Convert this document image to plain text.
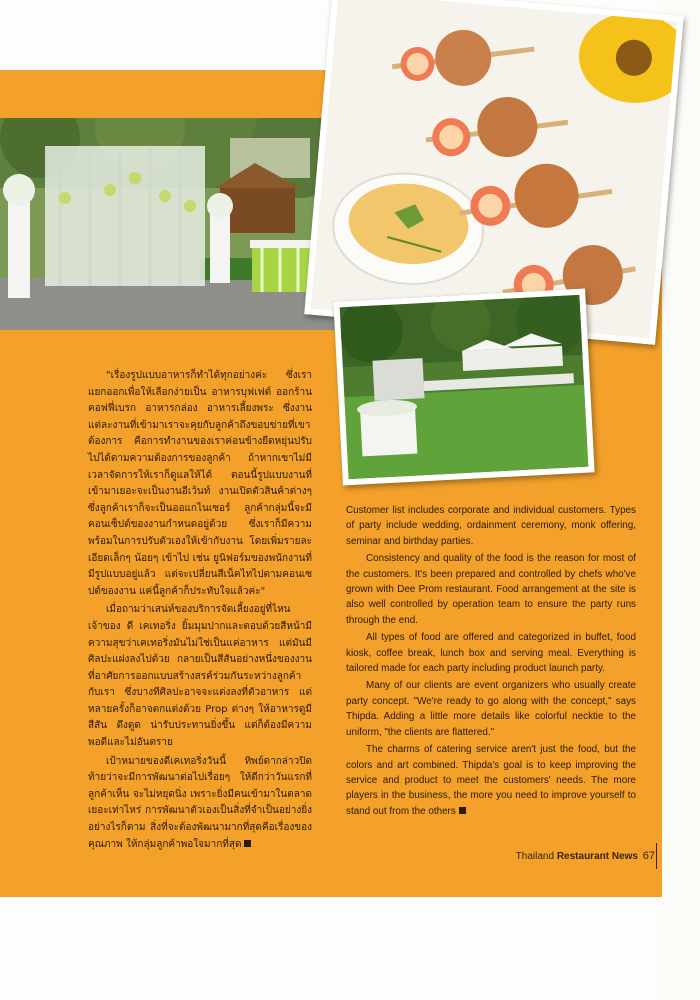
"เรื่องรูปแบบอาหารก็ทำได้ทุกอย่างค่ะ ซึ่งเราแยกออกเพื่อให้เลือกง่ายเป็น อาหารบุฟเฟต์ ออกร้าน คอฟฟี่เบรก อาหารกล่อง อาหารเลี้ยงพระ ซึ่งงานแต่ละงานที่เข้ามาเราจะคุยกับลูกค้าถึงขอบข่ายที่เขาต้องการ คือการทำงานของเราค่อนข้างยืดหยุ่นปรับไปได้ตามความต้องการของลูกค้า ถ้าหากเขาไม่มีเวลาจัดการให้เราก็ดูแลให้ได้ ตอนนี้รูปแบบงานที่เข้ามาเยอะจะเป็นงานอีเว้นท์ งานเปิดตัวสินค้าต่างๆ ซึ่งลูกค้าเราก็จะเป็นออแกไนเซอร์ ลูกค้ากลุ่มนี้จะมีคอนเซ็ปต์ของงานกำหนดอยู่ด้วย ซึ่งเราก็มีความพร้อมในการปรับตัวเองให้เข้ากับงาน โดยเพิ่มรายละเอียดเล็กๆ น้อยๆ เข้าไป เช่น ยูนิฟอร์มของพนักงานที่มีรูปแบบอยู่แล้ว แต่จะเปลี่ยนสีเน็คไทไปตามคอนเซปต์ของงาน แค่นี้ลูกค้าก็ประทับใจแล้วค่ะ"

เมื่อถามว่าเสน่ห์ของบริการจัดเลี้ยงอยู่ที่ไหน เจ้าของ ดี เคเทอริ่ง ยิ้มมุมปากและตอบด้วยสีหน้ามีความสุขว่าเคเทอริ่งมันไม่ใช่เป็นแค่อาหาร แต่มันมีศิลปะแฝงลงไปด้วย กลายเป็นสีสันอย่างหนึ่งของงาน ที่อาศัยการออกแบบสร้างสรค์ร่วมกันระหว่างลูกค้ากับเรา ซึ่งบางทีศิลปะอาจจะแต่งลงที่ตัวอาหาร แต่หลายครั้งก็อาจตกแต่งด้วย Prop ต่างๆ ให้อาหารดูมีสีสัน ดึงดูด น่ารับประทานยิ่งขึ้น แต่ก็ต้องมีความพอดีและไม่อันตราย

เป้าหมายของดีเคเทอริ่งวันนี้ ทิพย์ดากล่าวปิดท้ายว่าจะมีการพัฒนาต่อไปเรื่อยๆ ให้ดีกว่าวันแรกที่ลูกค้าเห็น จะไม่หยุดนิ่ง เพราะยิ่งมีคนเข้ามาในตลาดเยอะเท่าไหร่ การพัฒนาตัวเองเป็นสิ่งที่จำเป็นอย่างยิ่ง อย่างไรก็ตาม สิ่งที่จะต้องพัฒนามากที่สุดคือเรื่องของคุณภาพ ให้กลุ่มลูกค้าพอใจมากที่สุด

Customer list includes corporate and individual customers. Types of party include wedding, ordainment ceremony, monk offering, seminar and birthday parties.

Consistency and quality of the food is the reason for most of the customers. It's been prepared and controlled by chefs who've grown with Dee Prom restaurant. Food arrangement at the site is also well controlled by operation team to ensure the party runs through the end.

All types of food are offered and categorized in buffet, food kiosk, coffee break, lunch box and serving meal. Everything is tailored made for each party including product launch party.

Many of our clients are event organizers who usually create party concept. "We're ready to go along with the concept," says Thipda. Adding a little more details like colorful necktie to the uniform, "the clients are flattered."

The charms of catering service aren't just the food, but the colors and art combined. Thipda's goal is to keep improving the service and product to meet the customers' needs. The more players in the business, the more you need to improve yourself to stand out from the others

Thailand Restaurant News 67
